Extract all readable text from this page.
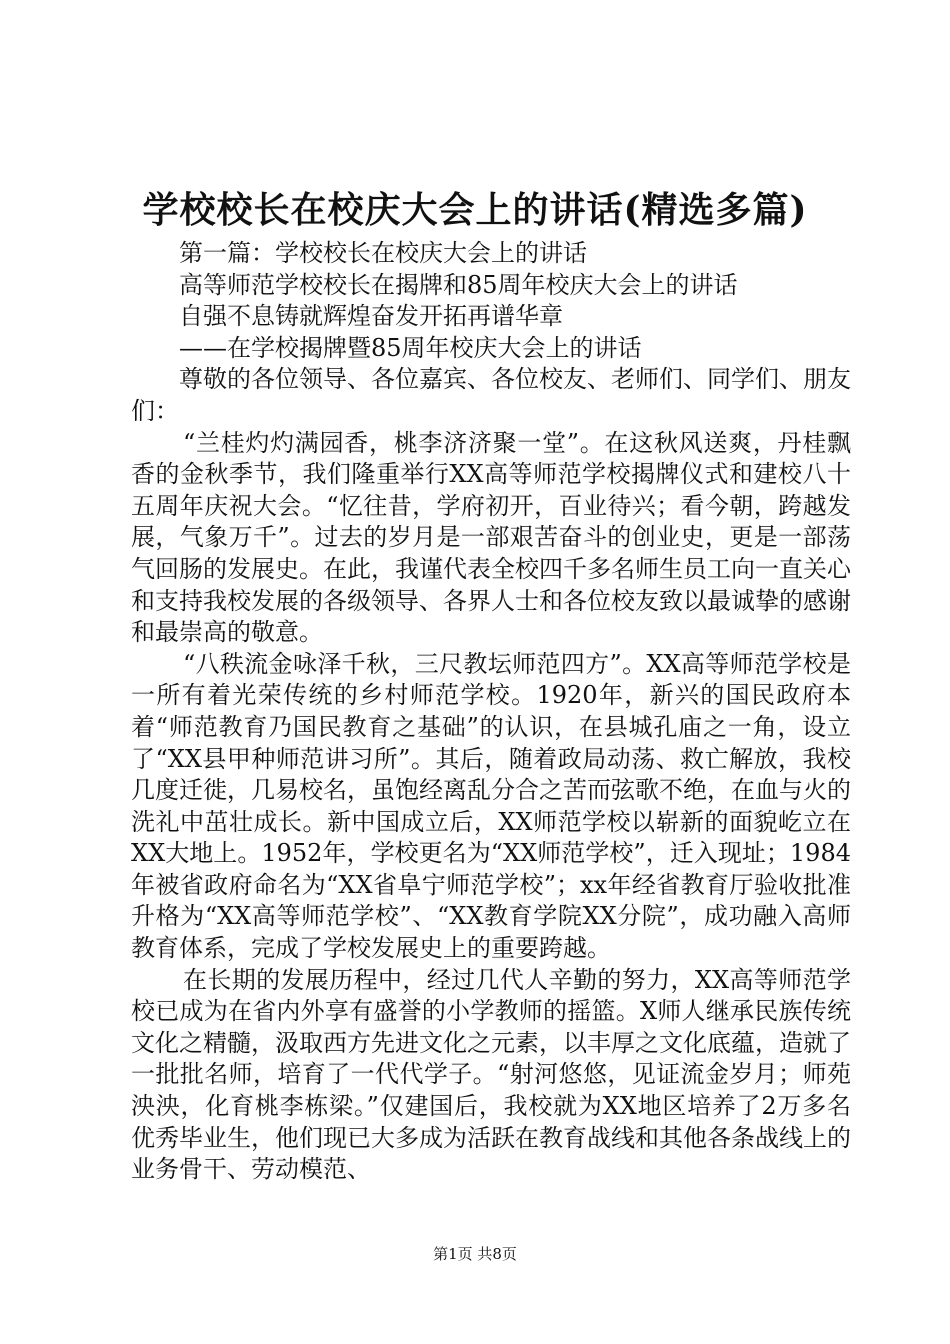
学校校长在校庆大会上的讲话(精选多篇)
第一篇：学校校长在校庆大会上的讲话
高等师范学校校长在揭牌和85周年校庆大会上的讲话
自强不息铸就辉煌奋发开拓再谱华章
——在学校揭牌暨85周年校庆大会上的讲话
尊敬的各位领导、各位嘉宾、各位校友、老师们、同学们、朋友们：
“兰桂灼灼满园香，桃李济济聚一堂”。在这秋风送爽，丹桂飘香的金秋季节，我们隆重举行XX高等师范学校揭牌仪式和建校八十五周年庆祝大会。“忆往昔，学府初开，百业待兴；看今朝，跨越发展，气象万千”。过去的岁月是一部艰苦奋斗的创业史，更是一部荡气回肠的发展史。在此，我谨代表全校四千多名师生员工向一直关心和支持我校发展的各级领导、各界人士和各位校友致以最诚挚的感谢和最崇高的敬意。
“八秩流金咏泽千秋，三尺教坛师范四方”。XX高等师范学校是一所有着光荣传统的乡村师范学校。1920年，新兴的国民政府本着“师范教育乃国民教育之基础”的认识，在县城孔庙之一角，设立了“XX县甲种师范讲习所”。其后，随着政局动荡、救亡解放，我校几度迁徙，几易校名，虽饱经离乱分合之苦而弦歌不绝，在血与火的洗礼中茁壮成长。新中国成立后，XX师范学校以崭新的面貌屹立在XX大地上。1952年，学校更名为“XX师范学校”，迁入现址；1984年被省政府命名为“XX省阜宁师范学校”；xx年经省教育厅验收批准升格为“XX高等师范学校”、“XX教育学院XX分院”，成功融入高师教育体系，完成了学校发展史上的重要跨越。
在长期的发展历程中，经过几代人辛勤的努力，XX高等师范学校已成为在省内外享有盛誉的小学教师的摇篮。X师人继承民族传统文化之精髓，汲取西方先进文化之元素，以丰厚之文化底蕴，造就了一批批名师，培育了一代代学子。“射河悠悠，见证流金岁月；师苑泱泱，化育桃李栋梁。”仅建国后，我校就为XX地区培养了2万多名优秀毕业生，他们现已大多成为活跃在教育战线和其他各条战线上的业务骨干、劳动模范、
第1页 共8页
